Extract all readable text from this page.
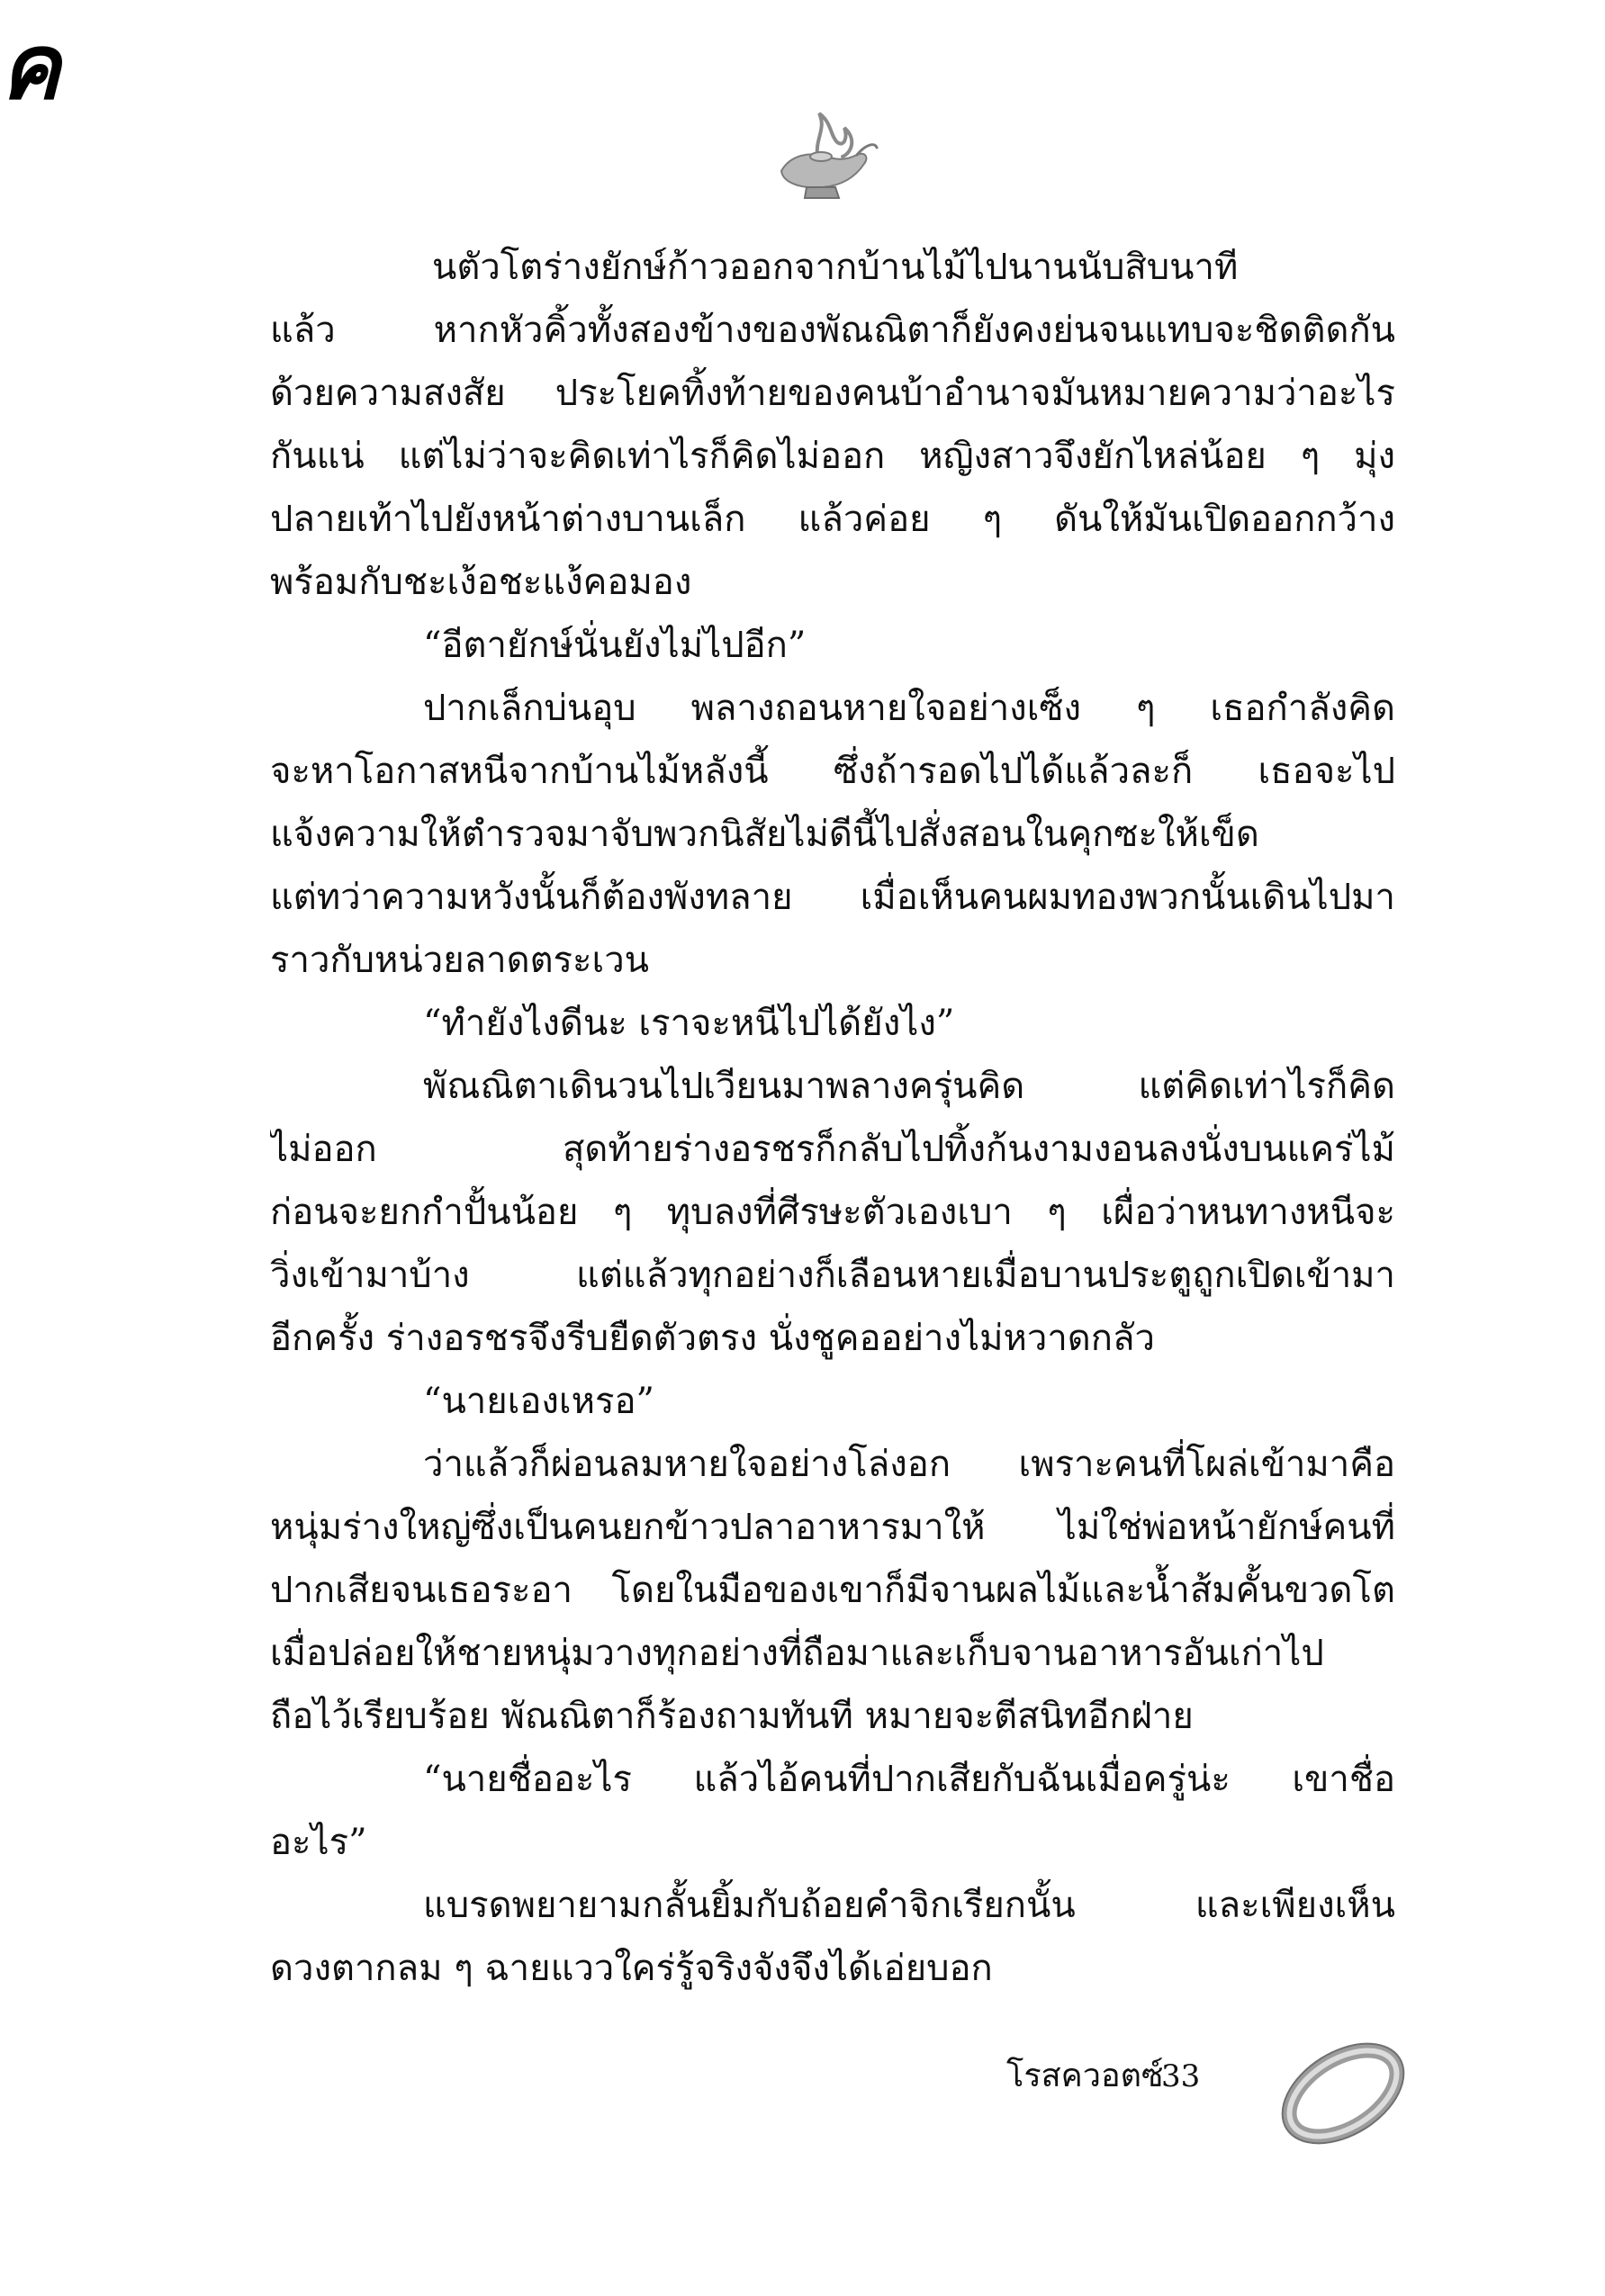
ค
นตัวโตร่างยักษ์ก้าวออกจากบ้านไม้ไปนานนับสิบนาที
แล้ว หากหัวคิ้วทั้งสองข้างของพัณณิตาก็ยังคงย่นจนแทบจะชิดติดกัน
ด้วยความสงสัย ประโยคทิ้งท้ายของคนบ้าอำนาจมันหมายความว่าอะไร
กันแน่ แต่ไม่ว่าจะคิดเท่าไรก็คิดไม่ออก หญิงสาวจึงยักไหล่น้อย ๆ มุ่ง
ปลายเท้าไปยังหน้าต่างบานเล็ก แล้วค่อย ๆ ดันให้มันเปิดออกกว้าง
พร้อมกับชะเง้อชะแง้คอมอง
“อีตายักษ์นั่นยังไม่ไปอีก”
ปากเล็กบ่นอุบ พลางถอนหายใจอย่างเซ็ง ๆ เธอกำลังคิด
จะหาโอกาสหนีจากบ้านไม้หลังนี้ ซึ่งถ้ารอดไปได้แล้วละก็ เธอจะไป
แจ้งความให้ตำรวจมาจับพวกนิสัยไม่ดีนี้ไปสั่งสอนในคุกซะให้เข็ด
แต่ทว่าความหวังนั้นก็ต้องพังทลาย เมื่อเห็นคนผมทองพวกนั้นเดินไปมา
ราวกับหน่วยลาดตระเวน
“ทำยังไงดีนะ เราจะหนีไปได้ยังไง”
พัณณิตาเดินวนไปเวียนมาพลางครุ่นคิด แต่คิดเท่าไรก็คิด
ไม่ออก สุดท้ายร่างอรชรก็กลับไปทิ้งก้นงามงอนลงนั่งบนแคร่ไม้
ก่อนจะยกกำปั้นน้อย ๆ ทุบลงที่ศีรษะตัวเองเบา ๆ เผื่อว่าหนทางหนีจะ
วิ่งเข้ามาบ้าง แต่แล้วทุกอย่างก็เลือนหายเมื่อบานประตูถูกเปิดเข้ามา
อีกครั้ง ร่างอรชรจึงรีบยืดตัวตรง นั่งชูคออย่างไม่หวาดกลัว
“นายเองเหรอ”
ว่าแล้วก็ผ่อนลมหายใจอย่างโล่งอก เพราะคนที่โผล่เข้ามาคือ
หนุ่มร่างใหญ่ซึ่งเป็นคนยกข้าวปลาอาหารมาให้ ไม่ใช่พ่อหน้ายักษ์คนที่
ปากเสียจนเธอระอา โดยในมือของเขาก็มีจานผลไม้และน้ำส้มคั้นขวดโต
เมื่อปล่อยให้ชายหนุ่มวางทุกอย่างที่ถือมาและเก็บจานอาหารอันเก่าไป
ถือไว้เรียบร้อย พัณณิตาก็ร้องถามทันที หมายจะตีสนิทอีกฝ่าย
“นายชื่ออะไร แล้วไอ้คนที่ปากเสียกับฉันเมื่อครู่น่ะ เขาชื่อ
อะไร”
แบรดพยายามกลั้นยิ้มกับถ้อยคำจิกเรียกนั้น และเพียงเห็น
ดวงตากลม ๆ ฉายแววใคร่รู้จริงจังจึงได้เอ่ยบอก
โรสควอตซ์
33
